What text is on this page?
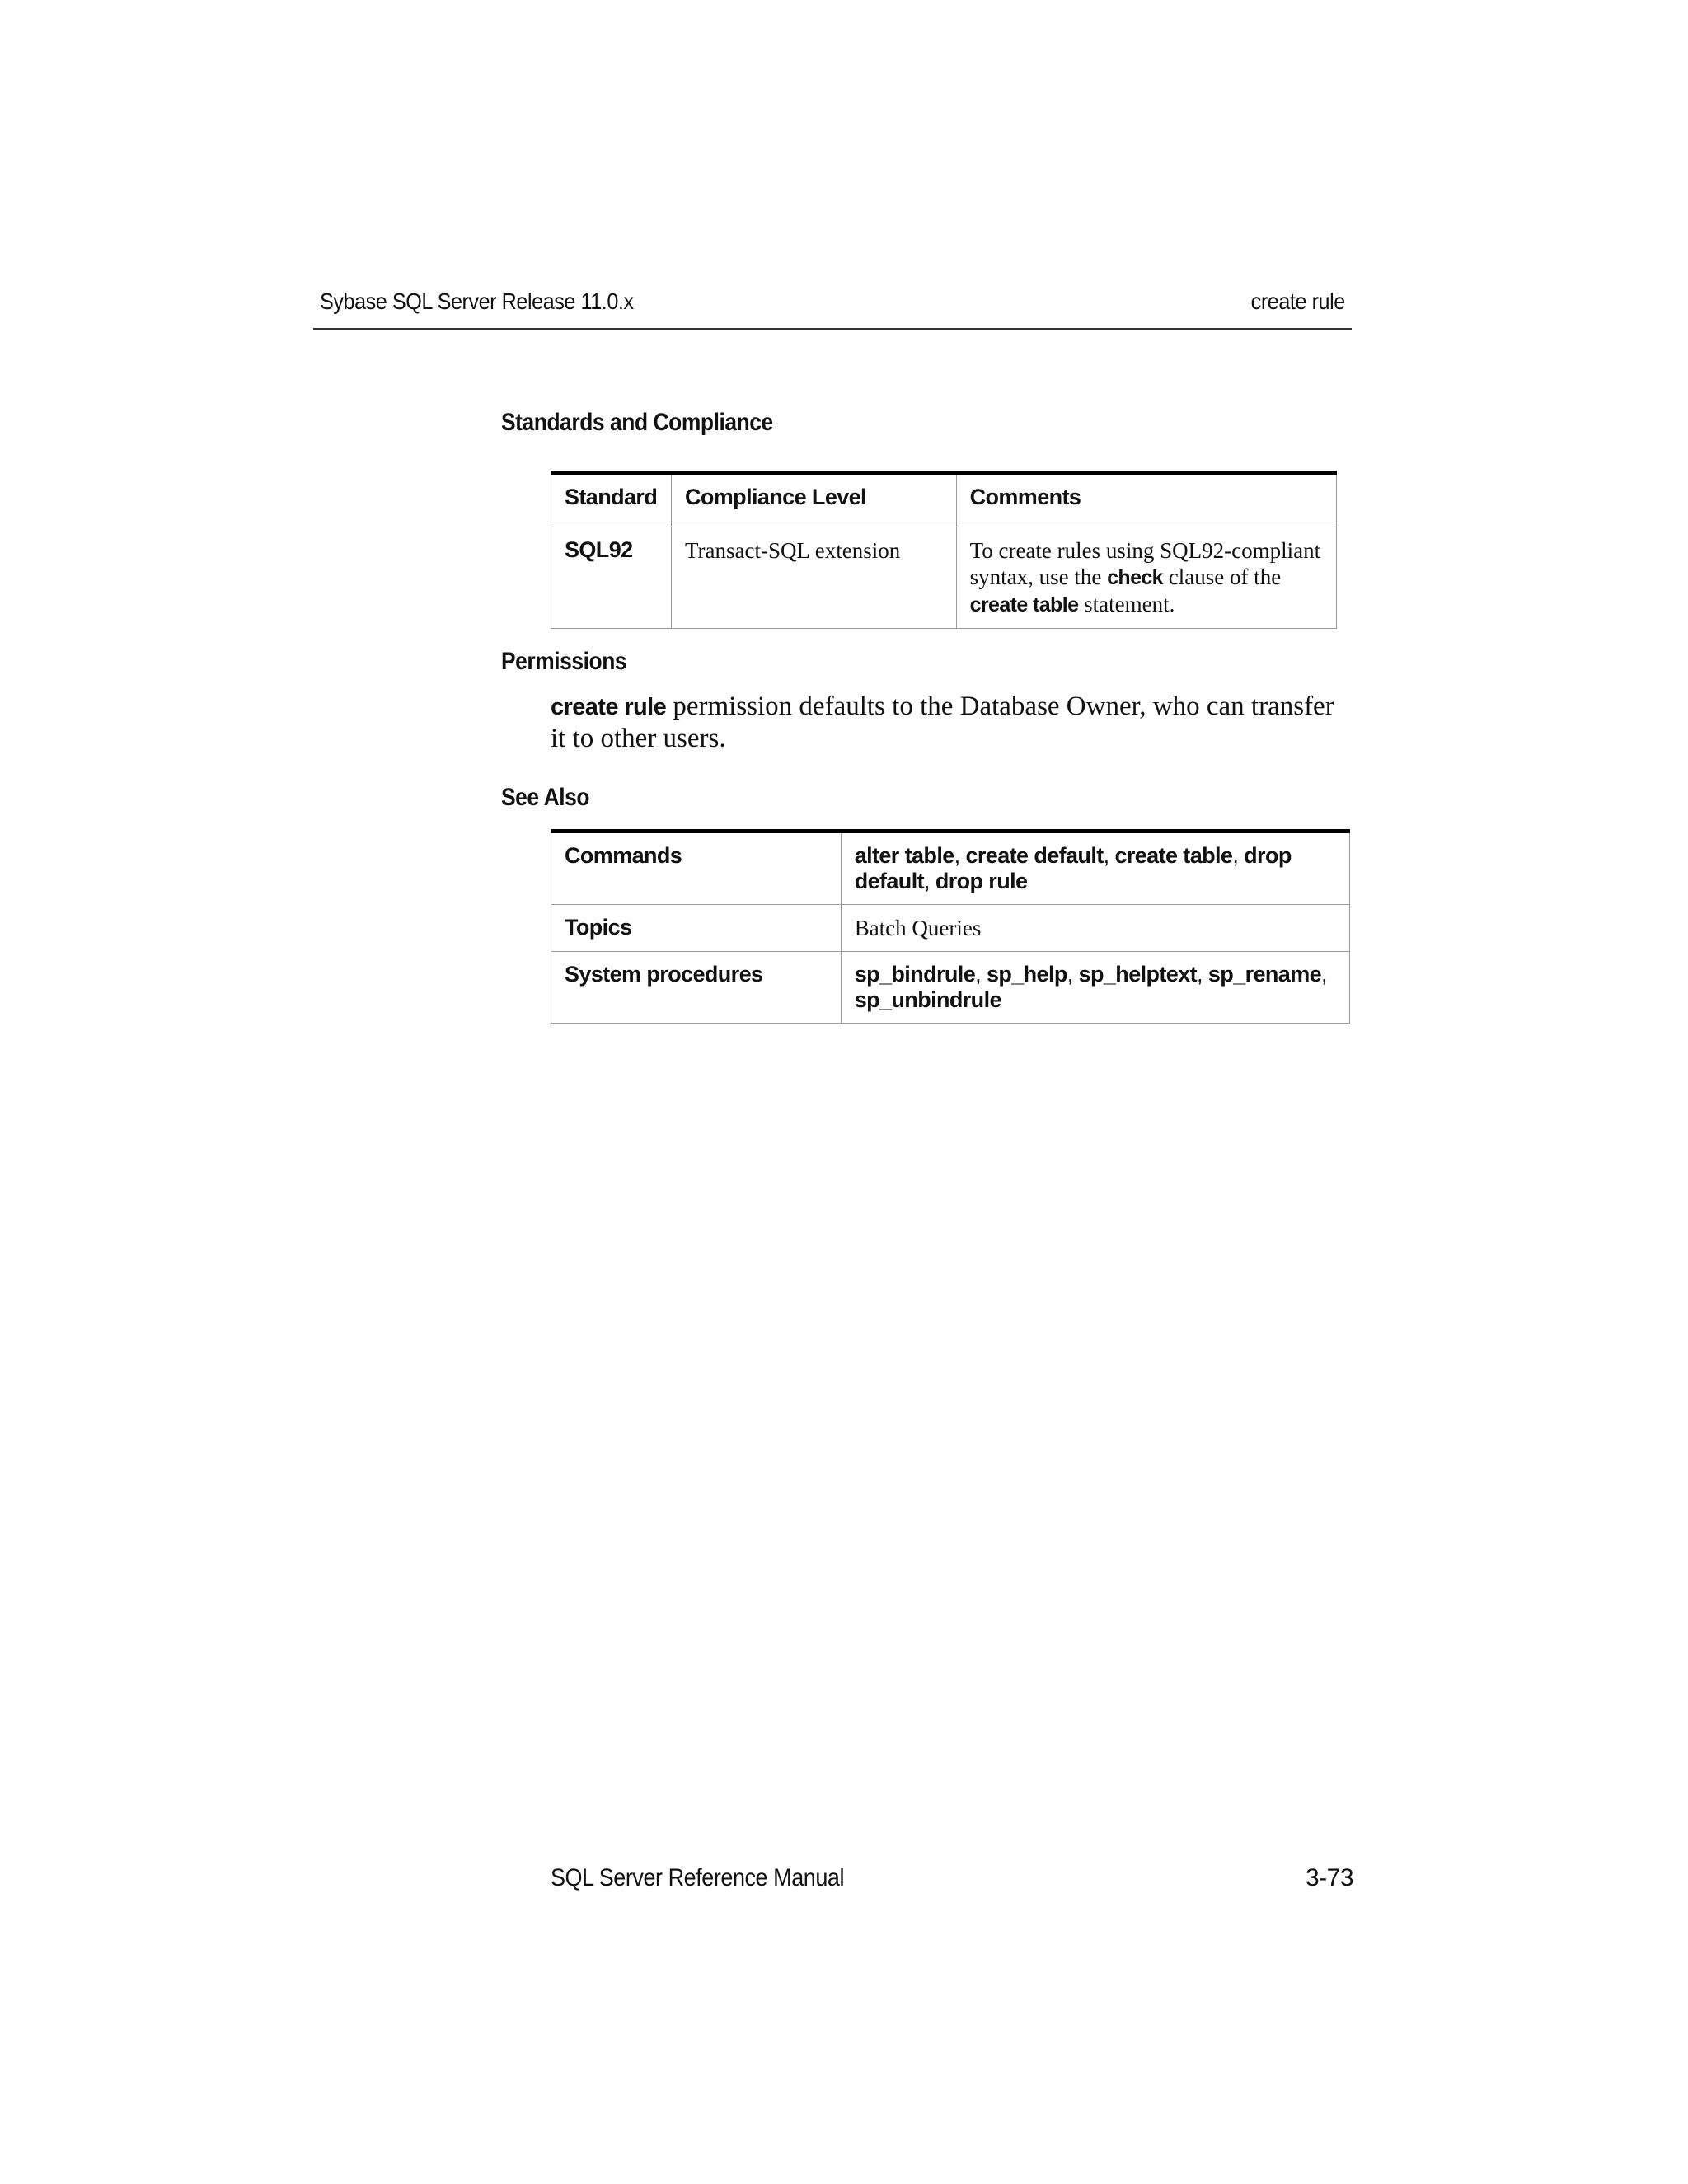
Sybase SQL Server Release 11.0.x	create rule
Standards and Compliance
Standard	Compliance Level	Comments
SQL92	Transact-SQL extension	To create rules using SQL92-compliant syntax, use the check clause of the create table statement.
Permissions
create rule permission defaults to the Database Owner, who can transfer it to other users.
See Also
Commands	alter table, create default, create table, drop default, drop rule
Topics	Batch Queries
System procedures	sp_bindrule, sp_help, sp_helptext, sp_rename, sp_unbindrule
SQL Server Reference Manual	3-73
